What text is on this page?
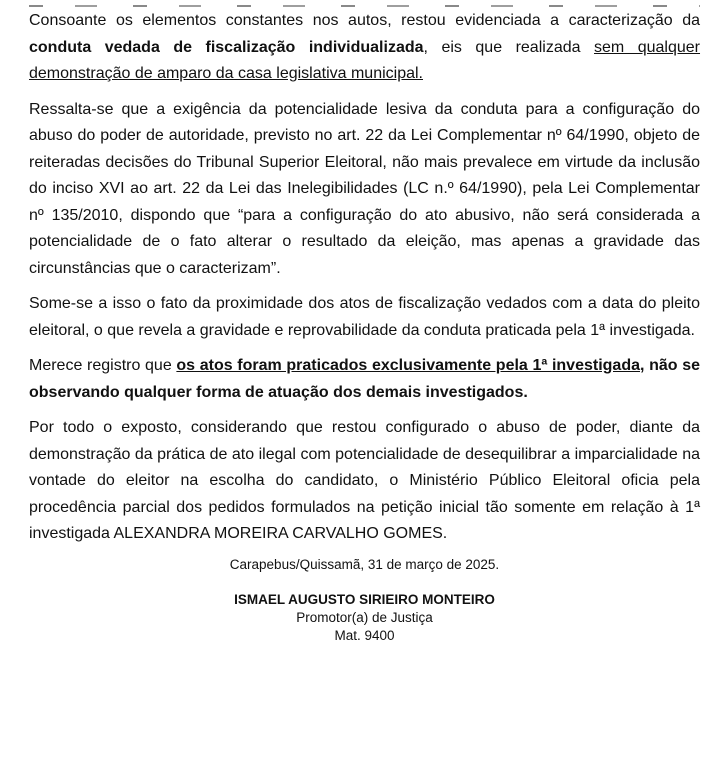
Consoante os elementos constantes nos autos, restou evidenciada a caracterização da conduta vedada de fiscalização individualizada, eis que realizada sem qualquer demonstração de amparo da casa legislativa municipal.

Ressalta-se que a exigência da potencialidade lesiva da conduta para a configuração do abuso do poder de autoridade, previsto no art. 22 da Lei Complementar nº 64/1990, objeto de reiteradas decisões do Tribunal Superior Eleitoral, não mais prevalece em virtude da inclusão do inciso XVI ao art. 22 da Lei das Inelegibilidades (LC n.º 64/1990), pela Lei Complementar nº 135/2010, dispondo que “para a configuração do ato abusivo, não será considerada a potencialidade de o fato alterar o resultado da eleição, mas apenas a gravidade das circunstâncias que o caracterizam”.

Some-se a isso o fato da proximidade dos atos de fiscalização vedados com a data do pleito eleitoral, o que revela a gravidade e reprovabilidade da conduta praticada pela 1ª investigada.

Merece registro que os atos foram praticados exclusivamente pela 1ª investigada, não se observando qualquer forma de atuação dos demais investigados.

Por todo o exposto, considerando que restou configurado o abuso de poder, diante da demonstração da prática de ato ilegal com potencialidade de desequilibrar a imparcialidade na vontade do eleitor na escolha do candidato, o Ministério Público Eleitoral oficia pela procedência parcial dos pedidos formulados na petição inicial tão somente em relação à 1ª investigada ALEXANDRA MOREIRA CARVALHO GOMES.

Carapebus/Quissamã, 31 de março de 2025.
ISMAEL AUGUSTO SIRIEIRO MONTEIRO
Promotor(a) de Justiça
Mat. 9400
